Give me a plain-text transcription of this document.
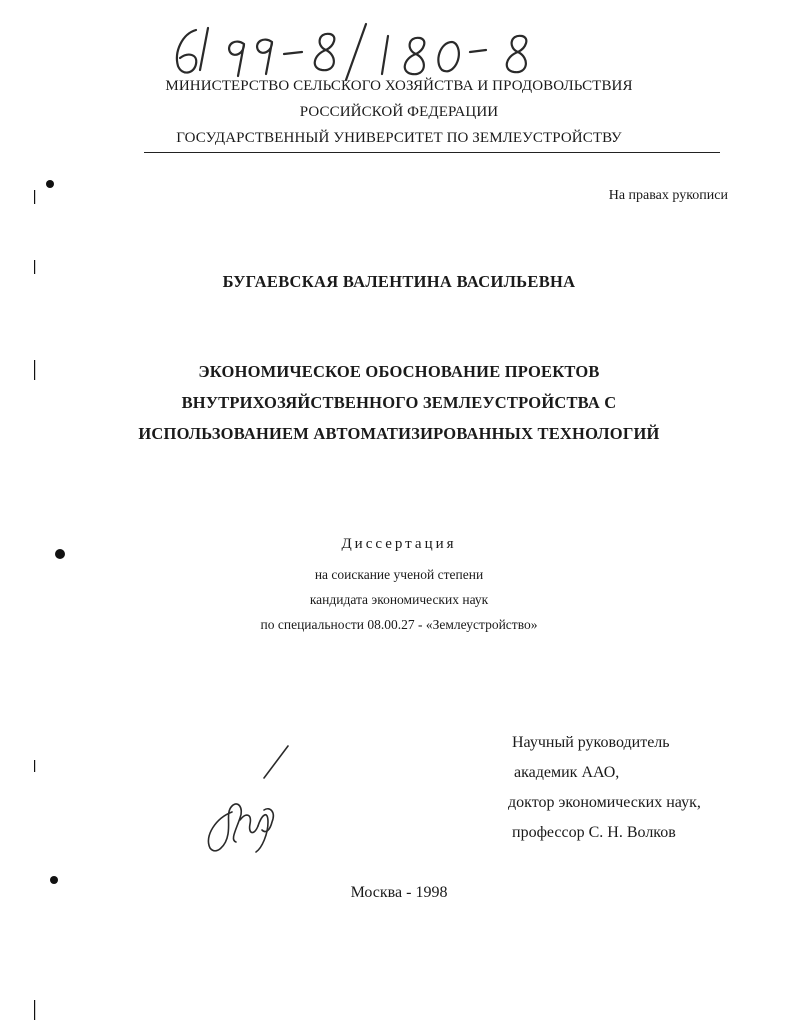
МИНИСТЕРСТВО СЕЛЬСКОГО ХОЗЯЙСТВА И ПРОДОВОЛЬСТВИЯ
РОССИЙСКОЙ ФЕДЕРАЦИИ
ГОСУДАРСТВЕННЫЙ УНИВЕРСИТЕТ ПО ЗЕМЛЕУСТРОЙСТВУ
На правах рукописи
БУГАЕВСКАЯ ВАЛЕНТИНА ВАСИЛЬЕВНА
ЭКОНОМИЧЕСКОЕ ОБОСНОВАНИЕ ПРОЕКТОВ
ВНУТРИХОЗЯЙСТВЕННОГО ЗЕМЛЕУСТРОЙСТВА С
ИСПОЛЬЗОВАНИЕМ АВТОМАТИЗИРОВАННЫХ ТЕХНОЛОГИЙ
Диссертация
на соискание ученой степени
кандидата экономических наук
по специальности 08.00.27 - «Землеустройство»
Научный руководитель
академик ААО,
доктор экономических наук,
профессор С. Н. Волков
Москва - 1998
